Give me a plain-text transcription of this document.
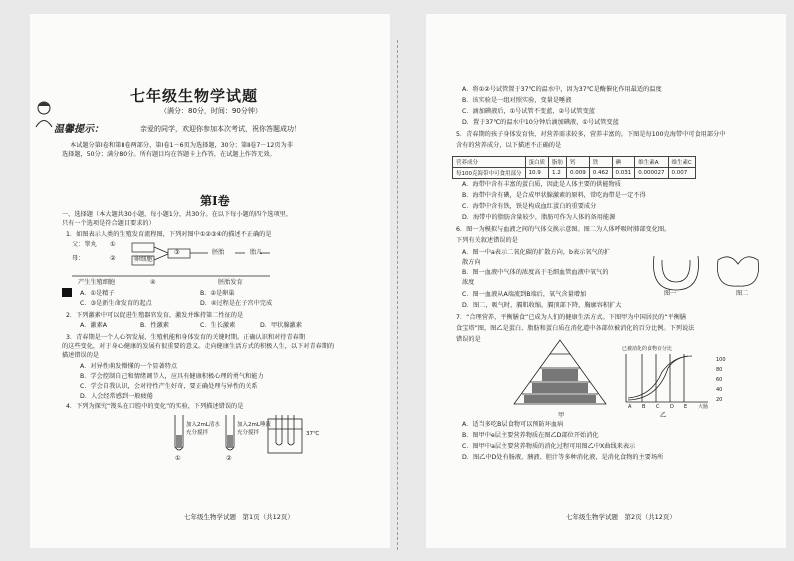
七年级生物学试题
（满分：80分，时间：90分钟）
温馨提示：	亲爱的同学，欢迎你参加本次考试，祝你答题成功！
本试题分第Ⅰ卷和第Ⅱ卷两部分，第Ⅰ卷1－6页为选择题，30分；第Ⅱ卷7－12页为非
选择题，50分；满分80分。所有题目均在答题卡上作答，在试题上作答无效。
第Ⅰ卷
一、选择题（本大题共30小题，每小题1分，共30分。在以下每小题的四个选项里，
只有一个选项是符合题目要求的）
1．如图表示人类的生殖发育流程图，下列对图中①②③④的描述不正确的是
父：睾丸
母：
①
②	卵细胞
③	胚胎	胎儿
产生生殖细胞	④	胚胎发育
A．①是精子	B．②是卵巢
C．③是新生命发育的起点	D．④过程是在子宫中完成
2．下列激素中可以促进生殖器官发育，激发并维持第二性征的是
A．激素A	B．性激素	C．生长激素	D．甲状腺激素
3．青春期是一个人心智发展、生殖机能和身体发育的关键时期。正确认识和对待青春期
的这些变化，对于身心健康的发展有很重要的意义。走向健康生活方式的积极人生，以下对青春期的
描述错误的是
A．对异性萌发懵懂的一个显著特点
B．学会控制自己和情绪调节人，应具有健康积极心理的勇气和能力
C．学会自我认识，会对待性产生好奇，要正确处理与异性的关系
D．人会经常感到一般疲倦
4．下列为探究“馒头在口腔中的变化”的实验，下列描述错误的是
加入2mL清水
充分搅拌
加入2mL唾液
充分搅拌	37℃
①	②
七年级生物学试题　第1页（共12页）
A．将①②号试管置于37℃的温水中，因为37℃是酶催化作用最适的温度
B．该实验是一组对照实验，变量是唾液
C．滴加碘液后，①号试管不变蓝，②号试管变蓝
D．置于37℃的温水中10分钟后滴加碘液，①号试管变蓝
5．青春期的孩子身体发育快，对营养需求较多，营养丰富的。下图是每100克海带中可食用部分中
含有的营养成分，以下描述不正确的是
营养成分	蛋白质	脂肪	钙	铁	碘	维生素A	维生素C
每100克海带中可食用部分	10.9	1.2	0.009	0.462	0.031	0.000027	0.007
A．海带中含有丰富的蛋白质，因此是人体主要的供能物质
B．海带中含有碘，是合成甲状腺激素的原料，常吃海带是一定不得
C．海带中含有铁，铁是构成血红蛋白的重要成分
D．海带中的脂肪含量较少，脂肪可作为人体的备用能源
6．图一为模拟与血液之间的气体交换示意图。图二为人体呼吸时肺部变化图。
下列有关叙述错误的是
A．图一中a表示二氧化碳的扩散方向，b表示氧气的扩
散方向
B．图一血液中气体的浓度高于毛细血管血液中氧气的
浓度
C．图一血液从A端流到B端后，氧气含量增加
D．图二，吸气时，膈肌收缩，膈顶部下降，胸廓容积扩大
图一	图二
7．“合理营养，平衡膳食”已成为人们的健康生活方式。下图甲为中国居民的“平衡膳
食宝塔”图，图乙是蛋白、脂肪和蛋白质在消化道中各部位被消化的百分比例。下列说法
错误的是
甲
已被消化的食物百分比
100
80
60
40
20
A B C D E 大肠
乙
A．适当多吃B层食物可以预防坏血病
B．图甲中e层主要营养物质在图乙D部位开始消化
C．图甲中a层主要营养物质的消化过程可用图乙中X曲线来表示
D．图乙中D处有肠液、胰液、胆汁等多种消化液，是消化食物的主要场所
七年级生物学试题　第2页（共12页）
